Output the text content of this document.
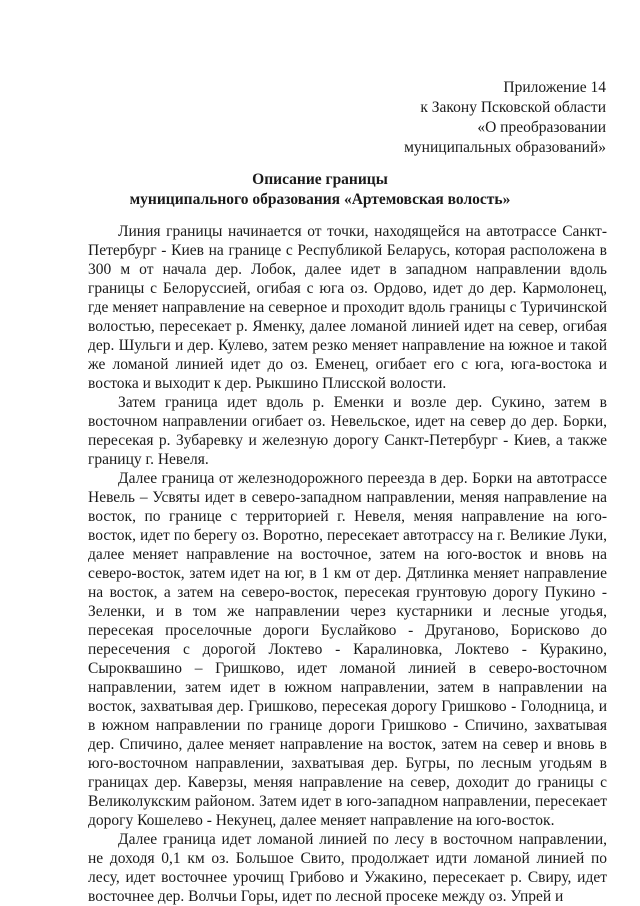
Приложение 14
к Закону Псковской области
«О преобразовании
муниципальных образований»
Описание границы
муниципального образования «Артемовская волость»

Линия границы начинается от точки, находящейся на автотрассе Санкт-Петербург - Киев на границе с Республикой Беларусь, которая расположена в 300 м от начала дер. Лобок, далее идет в западном направлении вдоль границы с Белоруссией, огибая с юга оз. Ордово, идет до дер. Кармолонец, где меняет направление на северное и проходит вдоль границы с Туричинской волостью, пересекает р. Яменку, далее ломаной линией идет на север, огибая дер. Шульги и дер. Кулево, затем резко меняет направление на южное и такой же ломаной линией идет до оз. Еменец, огибает его с юга, юга-востока и востока и выходит к дер. Рыкшино Плисской волости.

Затем граница идет вдоль р. Еменки и возле дер. Сукино, затем в восточном направлении огибает оз. Невельское, идет на север до дер. Борки, пересекая р. Зубаревку и железную дорогу Санкт-Петербург - Киев, а также границу г. Невеля.

Далее граница от железнодорожного переезда в дер. Борки на автотрассе Невель – Усвяты идет в северо-западном направлении, меняя направление на восток, по границе с территорией г. Невеля, меняя направление на юго-восток, идет по берегу оз. Воротно, пересекает автотрассу на г. Великие Луки, далее меняет направление на восточное, затем на юго-восток и вновь на северо-восток, затем идет на юг, в 1 км от дер. Дятлинка меняет направление на восток, а затем на северо-восток, пересекая грунтовую дорогу Пукино - Зеленки, и в том же направлении через кустарники и лесные угодья, пересекая проселочные дороги Буслайково - Друганово, Борисково до пересечения с дорогой Локтево - Каралиновка, Локтево - Куракино, Сыроквашино – Гришково, идет ломаной линией в северо-восточном направлении, затем идет в южном направлении, затем в направлении на восток, захватывая дер. Гришково, пересекая дорогу Гришково - Голодница, и в южном направлении по границе дороги Гришково - Спичино, захватывая дер. Спичино, далее меняет направление на восток, затем на север и вновь в юго-восточном направлении, захватывая дер. Бугры, по лесным угодьям в границах дер. Каверзы, меняя направление на север, доходит до границы с Великолукским районом. Затем идет в юго-западном направлении, пересекает дорогу Кошелево - Некунец, далее меняет направление на юго-восток.

Далее граница идет ломаной линией по лесу в восточном направлении, не доходя 0,1 км оз. Большое Свито, продолжает идти ломаной линией по лесу, идет восточнее урочищ Грибово и Ужакино, пересекает р. Свиру, идет восточнее дер. Волчьи Горы, идет по лесной просеке между оз. Упрей и
